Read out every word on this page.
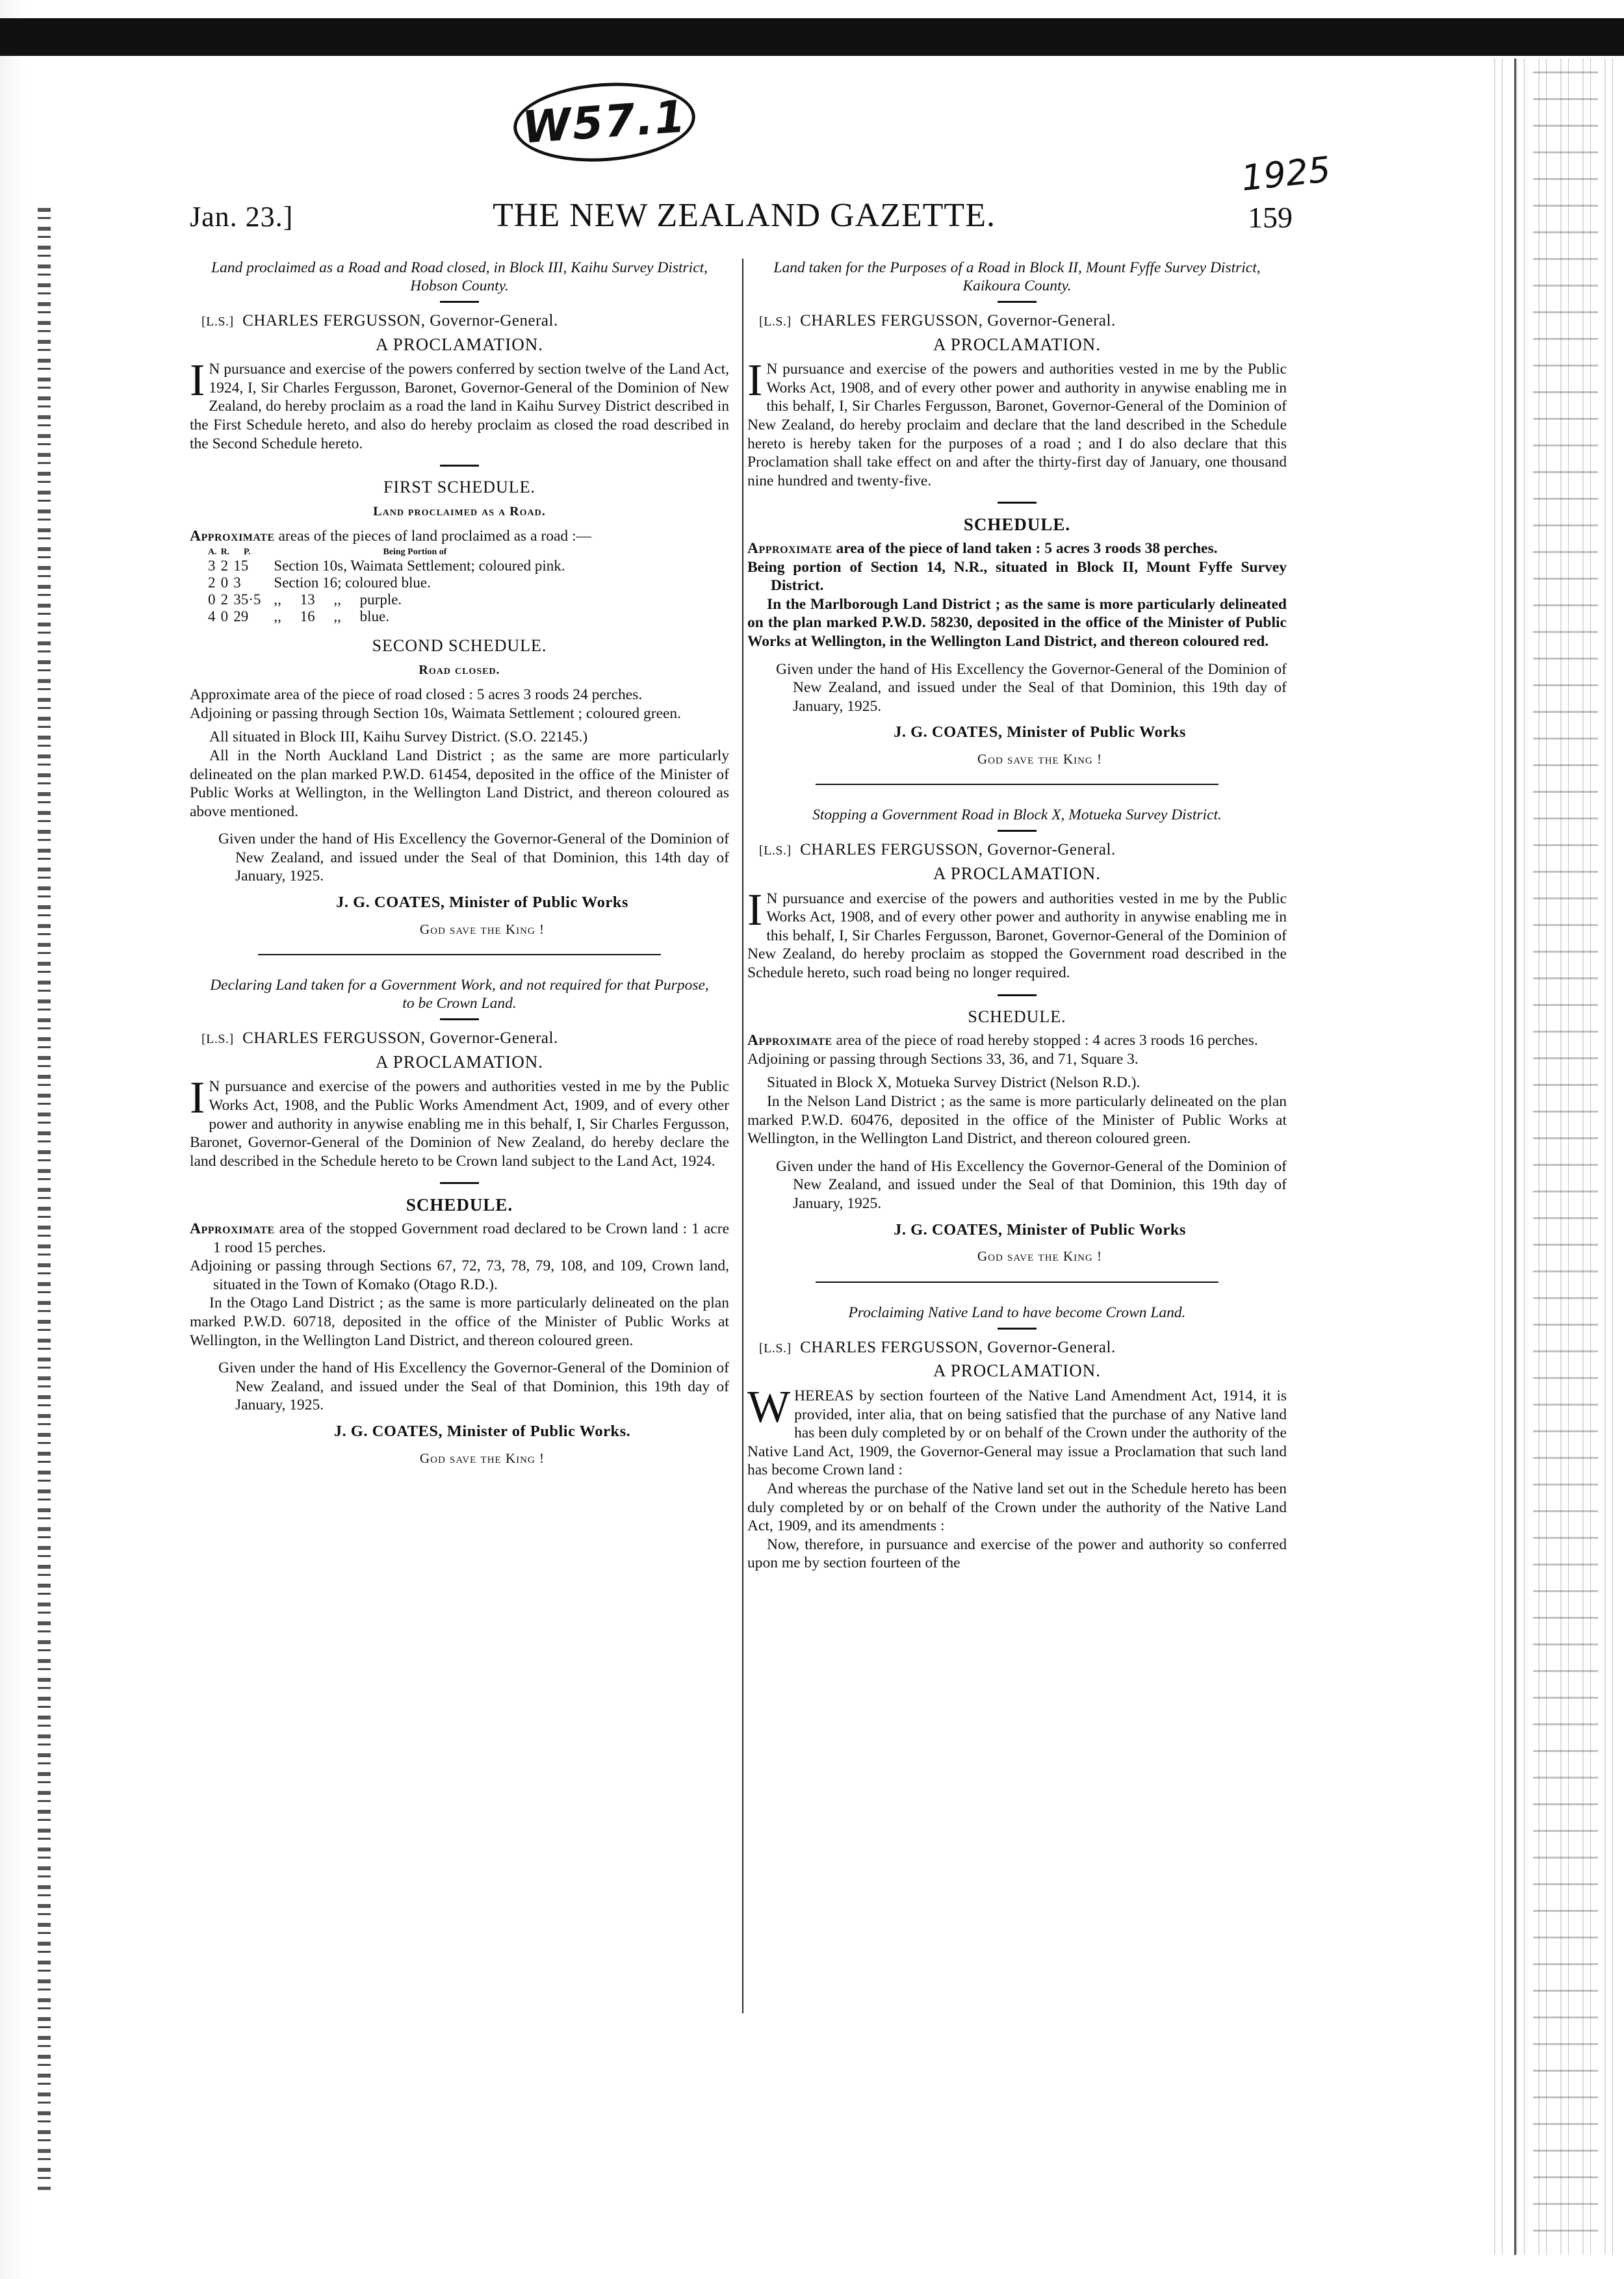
W57.1
1925
Jan. 23.]	THE NEW ZEALAND GAZETTE.	159

Land proclaimed as a Road and Road closed, in Block III, Kaihu Survey District, Hobson County.

[L.S.] CHARLES FERGUSSON, Governor-General.

A PROCLAMATION.

I N pursuance and exercise of the powers conferred by section twelve of the Land Act, 1924, I, Sir Charles Fergusson, Baronet, Governor-General of the Dominion of New Zealand, do hereby proclaim as a road the land in Kaihu Survey District described in the First Schedule hereto, and also do hereby proclaim as closed the road described in the Second Schedule hereto.

FIRST SCHEDULE.

Land proclaimed as a Road.

Approximate areas of the pieces of land proclaimed as a road :—

A.	R.	P.	Being Portion of
3	2	15	Section 10s, Waimata Settlement; coloured pink.
2	0	3	Section 16; coloured blue.
0	2	35·5	,,     13     ,,     purple.
4	0	29	,,     16     ,,     blue.

SECOND SCHEDULE.

Road closed.

Approximate area of the piece of road closed : 5 acres 3 roods 24 perches.

Adjoining or passing through Section 10s, Waimata Settlement ; coloured green.

All situated in Block III, Kaihu Survey District. (S.O. 22145.)

All in the North Auckland Land District ; as the same are more particularly delineated on the plan marked P.W.D. 61454, deposited in the office of the Minister of Public Works at Wellington, in the Wellington Land District, and thereon coloured as above mentioned.

Given under the hand of His Excellency the Governor-General of the Dominion of New Zealand, and issued under the Seal of that Dominion, this 14th day of January, 1925.

J. G. COATES, Minister of Public Works

God save the King !

Declaring Land taken for a Government Work, and not required for that Purpose, to be Crown Land.

[L.S.] CHARLES FERGUSSON, Governor-General.

A PROCLAMATION.

I N pursuance and exercise of the powers and authorities vested in me by the Public Works Act, 1908, and the Public Works Amendment Act, 1909, and of every other power and authority in anywise enabling me in this behalf, I, Sir Charles Fergusson, Baronet, Governor-General of the Dominion of New Zealand, do hereby declare the land described in the Schedule hereto to be Crown land subject to the Land Act, 1924.

SCHEDULE.

Approximate area of the stopped Government road declared to be Crown land : 1 acre 1 rood 15 perches.

Adjoining or passing through Sections 67, 72, 73, 78, 79, 108, and 109, Crown land, situated in the Town of Komako (Otago R.D.).

In the Otago Land District ; as the same is more particularly delineated on the plan marked P.W.D. 60718, deposited in the office of the Minister of Public Works at Wellington, in the Wellington Land District, and thereon coloured green.

Given under the hand of His Excellency the Governor-General of the Dominion of New Zealand, and issued under the Seal of that Dominion, this 19th day of January, 1925.

J. G. COATES, Minister of Public Works.

God save the King !

Land taken for the Purposes of a Road in Block II, Mount Fyffe Survey District, Kaikoura County.

[L.S.] CHARLES FERGUSSON, Governor-General.

A PROCLAMATION.

I N pursuance and exercise of the powers and authorities vested in me by the Public Works Act, 1908, and of every other power and authority in anywise enabling me in this behalf, I, Sir Charles Fergusson, Baronet, Governor-General of the Dominion of New Zealand, do hereby proclaim and declare that the land described in the Schedule hereto is hereby taken for the purposes of a road ; and I do also declare that this Proclamation shall take effect on and after the thirty-first day of January, one thousand nine hundred and twenty-five.

SCHEDULE.

Approximate area of the piece of land taken : 5 acres 3 roods 38 perches.

Being portion of Section 14, N.R., situated in Block II, Mount Fyffe Survey District.

In the Marlborough Land District ; as the same is more particularly delineated on the plan marked P.W.D. 58230, deposited in the office of the Minister of Public Works at Wellington, in the Wellington Land District, and thereon coloured red.

Given under the hand of His Excellency the Governor-General of the Dominion of New Zealand, and issued under the Seal of that Dominion, this 19th day of January, 1925.

J. G. COATES, Minister of Public Works

God save the King !

Stopping a Government Road in Block X, Motueka Survey District.

[L.S.] CHARLES FERGUSSON, Governor-General.

A PROCLAMATION.

I N pursuance and exercise of the powers and authorities vested in me by the Public Works Act, 1908, and of every other power and authority in anywise enabling me in this behalf, I, Sir Charles Fergusson, Baronet, Governor-General of the Dominion of New Zealand, do hereby proclaim as stopped the Government road described in the Schedule hereto, such road being no longer required.

SCHEDULE.

Approximate area of the piece of road hereby stopped : 4 acres 3 roods 16 perches.

Adjoining or passing through Sections 33, 36, and 71, Square 3.

Situated in Block X, Motueka Survey District (Nelson R.D.).

In the Nelson Land District ; as the same is more particularly delineated on the plan marked P.W.D. 60476, deposited in the office of the Minister of Public Works at Wellington, in the Wellington Land District, and thereon coloured green.

Given under the hand of His Excellency the Governor-General of the Dominion of New Zealand, and issued under the Seal of that Dominion, this 19th day of January, 1925.

J. G. COATES, Minister of Public Works

God save the King !

Proclaiming Native Land to have become Crown Land.

[L.S.] CHARLES FERGUSSON, Governor-General.

A PROCLAMATION.

WHEREAS by section fourteen of the Native Land Amendment Act, 1914, it is provided, inter alia, that on being satisfied that the purchase of any Native land has been duly completed by or on behalf of the Crown under the authority of the Native Land Act, 1909, the Governor-General may issue a Proclamation that such land has become Crown land :

And whereas the purchase of the Native land set out in the Schedule hereto has been duly completed by or on behalf of the Crown under the authority of the Native Land Act, 1909, and its amendments :

Now, therefore, in pursuance and exercise of the power and authority so conferred upon me by section fourteen of the
